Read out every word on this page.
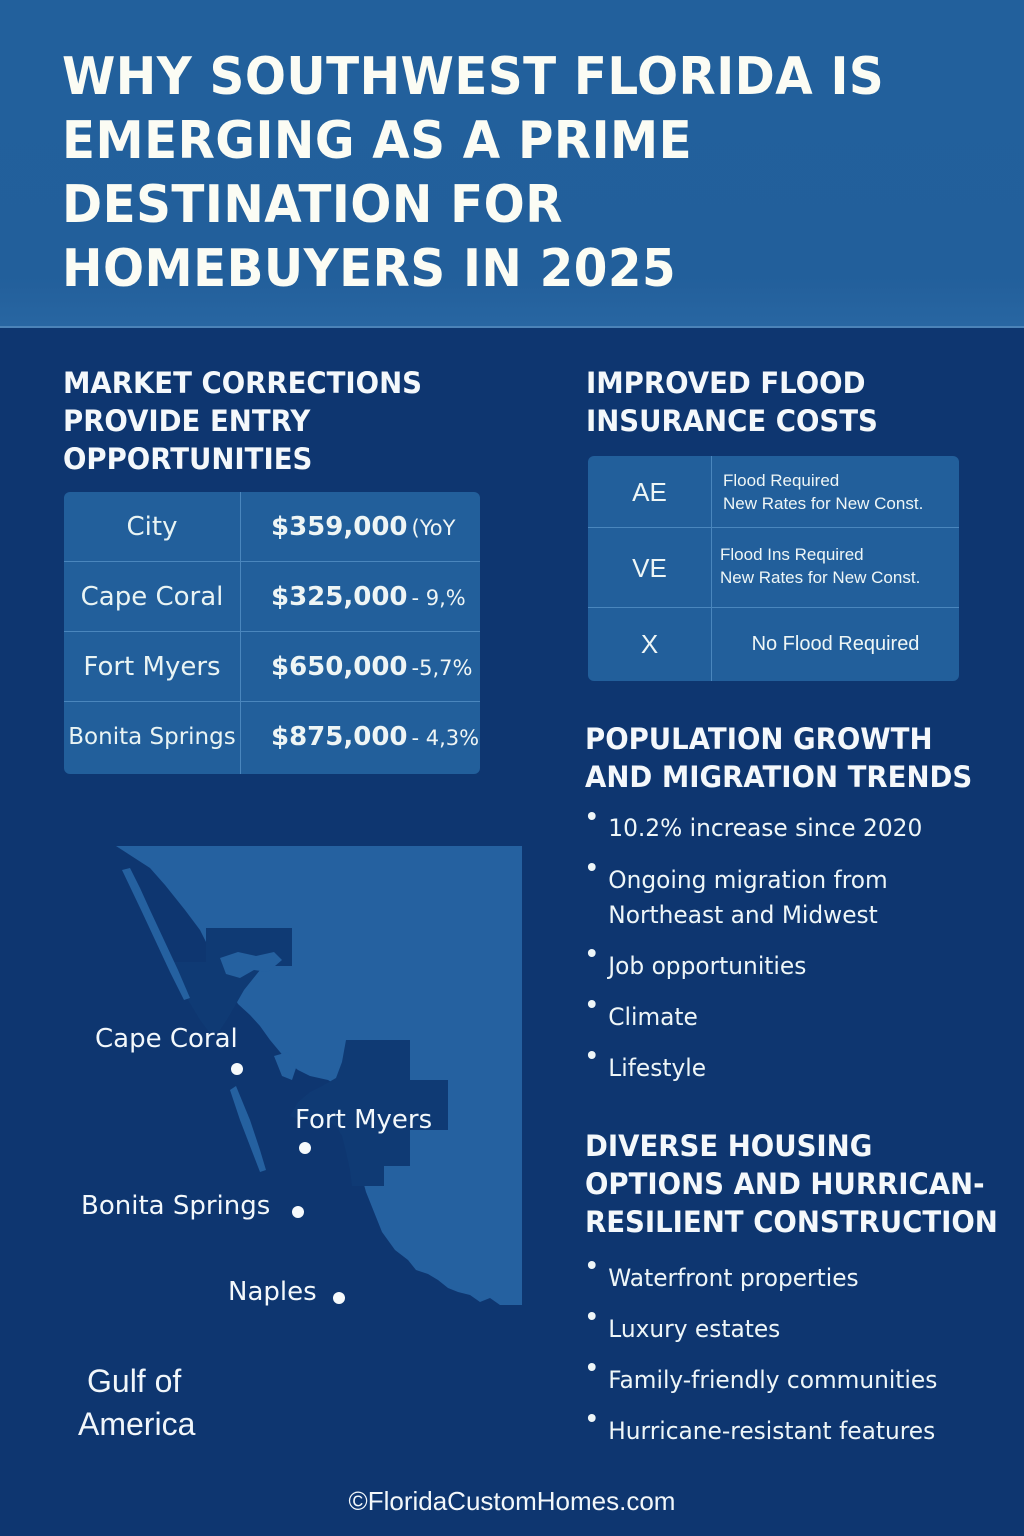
WHY SOUTHWEST FLORIDA IS
EMERGING AS A PRIME
DESTINATION FOR
HOMEBUYERS IN 2025
MARKET CORRECTIONS
PROVIDE ENTRY
OPPORTUNITIES
City	$359,000 (YoY
Cape Coral	$325,000 - 9,%
Fort Myers	$650,000 -5,7%
Bonita Springs $875,000 - 4,3%
IMPROVED FLOOD
INSURANCE COSTS
AE	Flood Required
New Rates for New Const.
VE	Flood Ins Required
New Rates for New Const.
X	No Flood Required
POPULATION GROWTH
AND MIGRATION TRENDS
10.2% increase since 2020
Ongoing migration from
Northeast and Midwest
Job opportunities
Climate
Lifestyle
DIVERSE HOUSING
OPTIONS AND HURRICAN-
RESILIENT CONSTRUCTION
Waterfront properties
Luxury estates
Family-friendly communities
Hurricane-resistant features
Cape Coral
Fort Myers
Bonita Springs
Naples
Gulf of
America
©FloridaCustomHomes.com
